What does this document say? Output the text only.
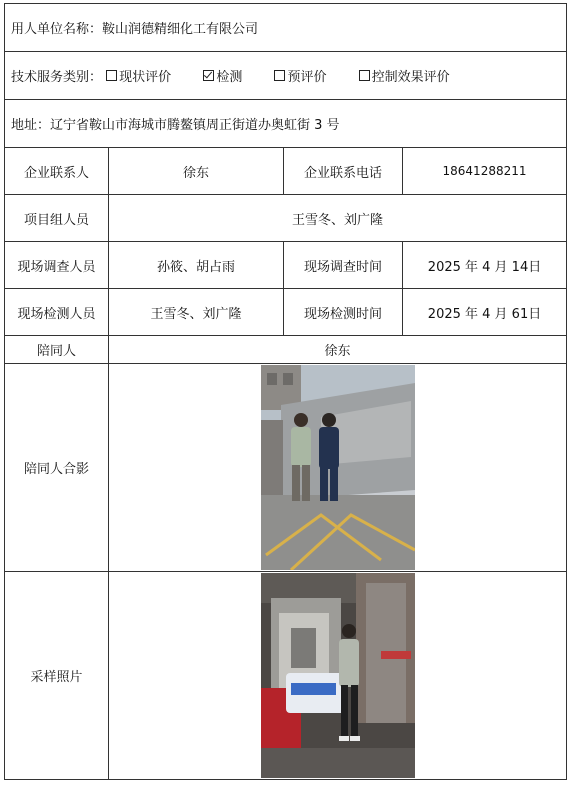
用人单位名称：鞍山润德精细化工有限公司			
技术服务类别： 现状评价 检测 预评价 控制效果评价			
地址：辽宁省鞍山市海城市腾鳌镇周正街道办奥虹街 3 号			
企业联系人	徐东	企业联系电话	18641288211
项目组人员	王雪冬、刘广隆		
现场调查人员	孙筱、胡占雨	现场调查时间	2025 年 4 月 14日
现场检测人员	王雪冬、刘广隆	现场检测时间	2025 年 4 月 61日
陪同人	徐东		
陪同人合影	

采样照片	
